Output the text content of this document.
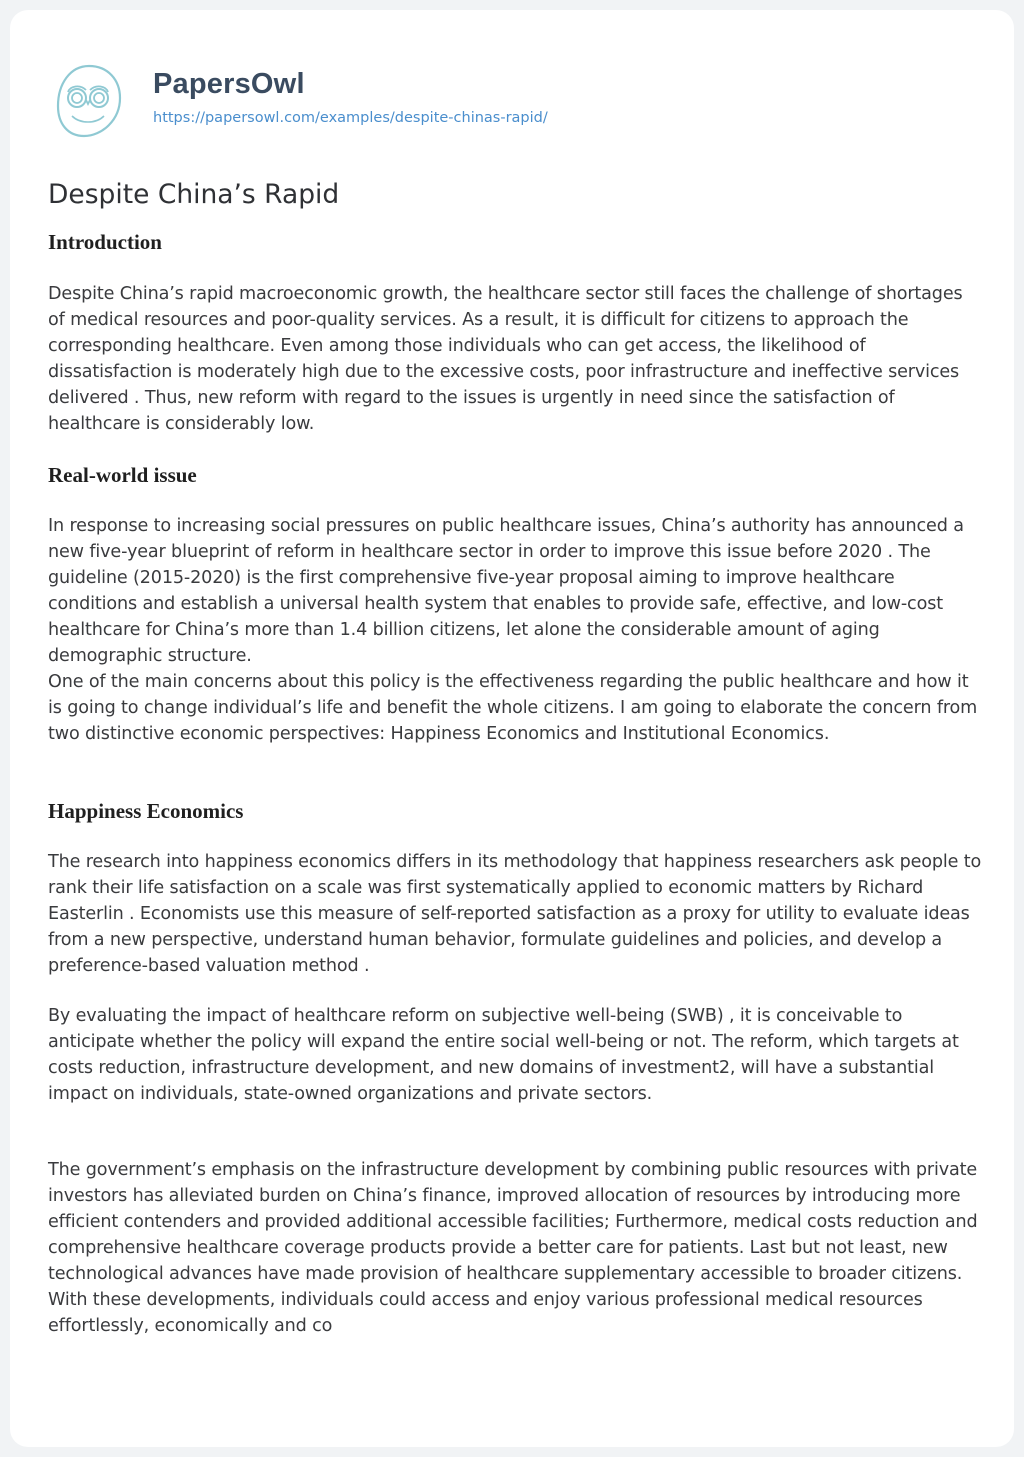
PapersOwl
https://papersowl.com/examples/despite-chinas-rapid/
Despite China’s Rapid
Introduction

Despite China’s rapid macroeconomic growth, the healthcare sector still faces the challenge of shortages of medical resources and poor-quality services. As a result, it is difficult for citizens to approach the corresponding healthcare. Even among those individuals who can get access, the likelihood of dissatisfaction is moderately high due to the excessive costs, poor infrastructure and ineffective services delivered . Thus, new reform with regard to the issues is urgently in need since the satisfaction of healthcare is considerably low.

Real-world issue

In response to increasing social pressures on public healthcare issues, China’s authority has announced a new five-year blueprint of reform in healthcare sector in order to improve this issue before 2020 . The guideline (2015-2020) is the first comprehensive five-year proposal aiming to improve healthcare conditions and establish a universal health system that enables to provide safe, effective, and low-cost healthcare for China’s more than 1.4 billion citizens, let alone the considerable amount of aging demographic structure.

One of the main concerns about this policy is the effectiveness regarding the public healthcare and how it is going to change individual’s life and benefit the whole citizens. I am going to elaborate the concern from two distinctive economic perspectives: Happiness Economics and Institutional Economics.

Happiness Economics

The research into happiness economics differs in its methodology that happiness researchers ask people to rank their life satisfaction on a scale was first systematically applied to economic matters by Richard Easterlin . Economists use this measure of self-reported satisfaction as a proxy for utility to evaluate ideas from a new perspective, understand human behavior, formulate guidelines and policies, and develop a preference-based valuation method .

By evaluating the impact of healthcare reform on subjective well-being (SWB) , it is conceivable to anticipate whether the policy will expand the entire social well-being or not. The reform, which targets at costs reduction, infrastructure development, and new domains of investment2, will have a substantial impact on individuals, state-owned organizations and private sectors.

The government’s emphasis on the infrastructure development by combining public resources with private investors has alleviated burden on China’s finance, improved allocation of resources by introducing more efficient contenders and provided additional accessible facilities; Furthermore, medical costs reduction and comprehensive healthcare coverage products provide a better care for patients. Last but not least, new technological advances have made provision of healthcare supplementary accessible to broader citizens. With these developments, individuals could access and enjoy various professional medical resources effortlessly, economically and co
